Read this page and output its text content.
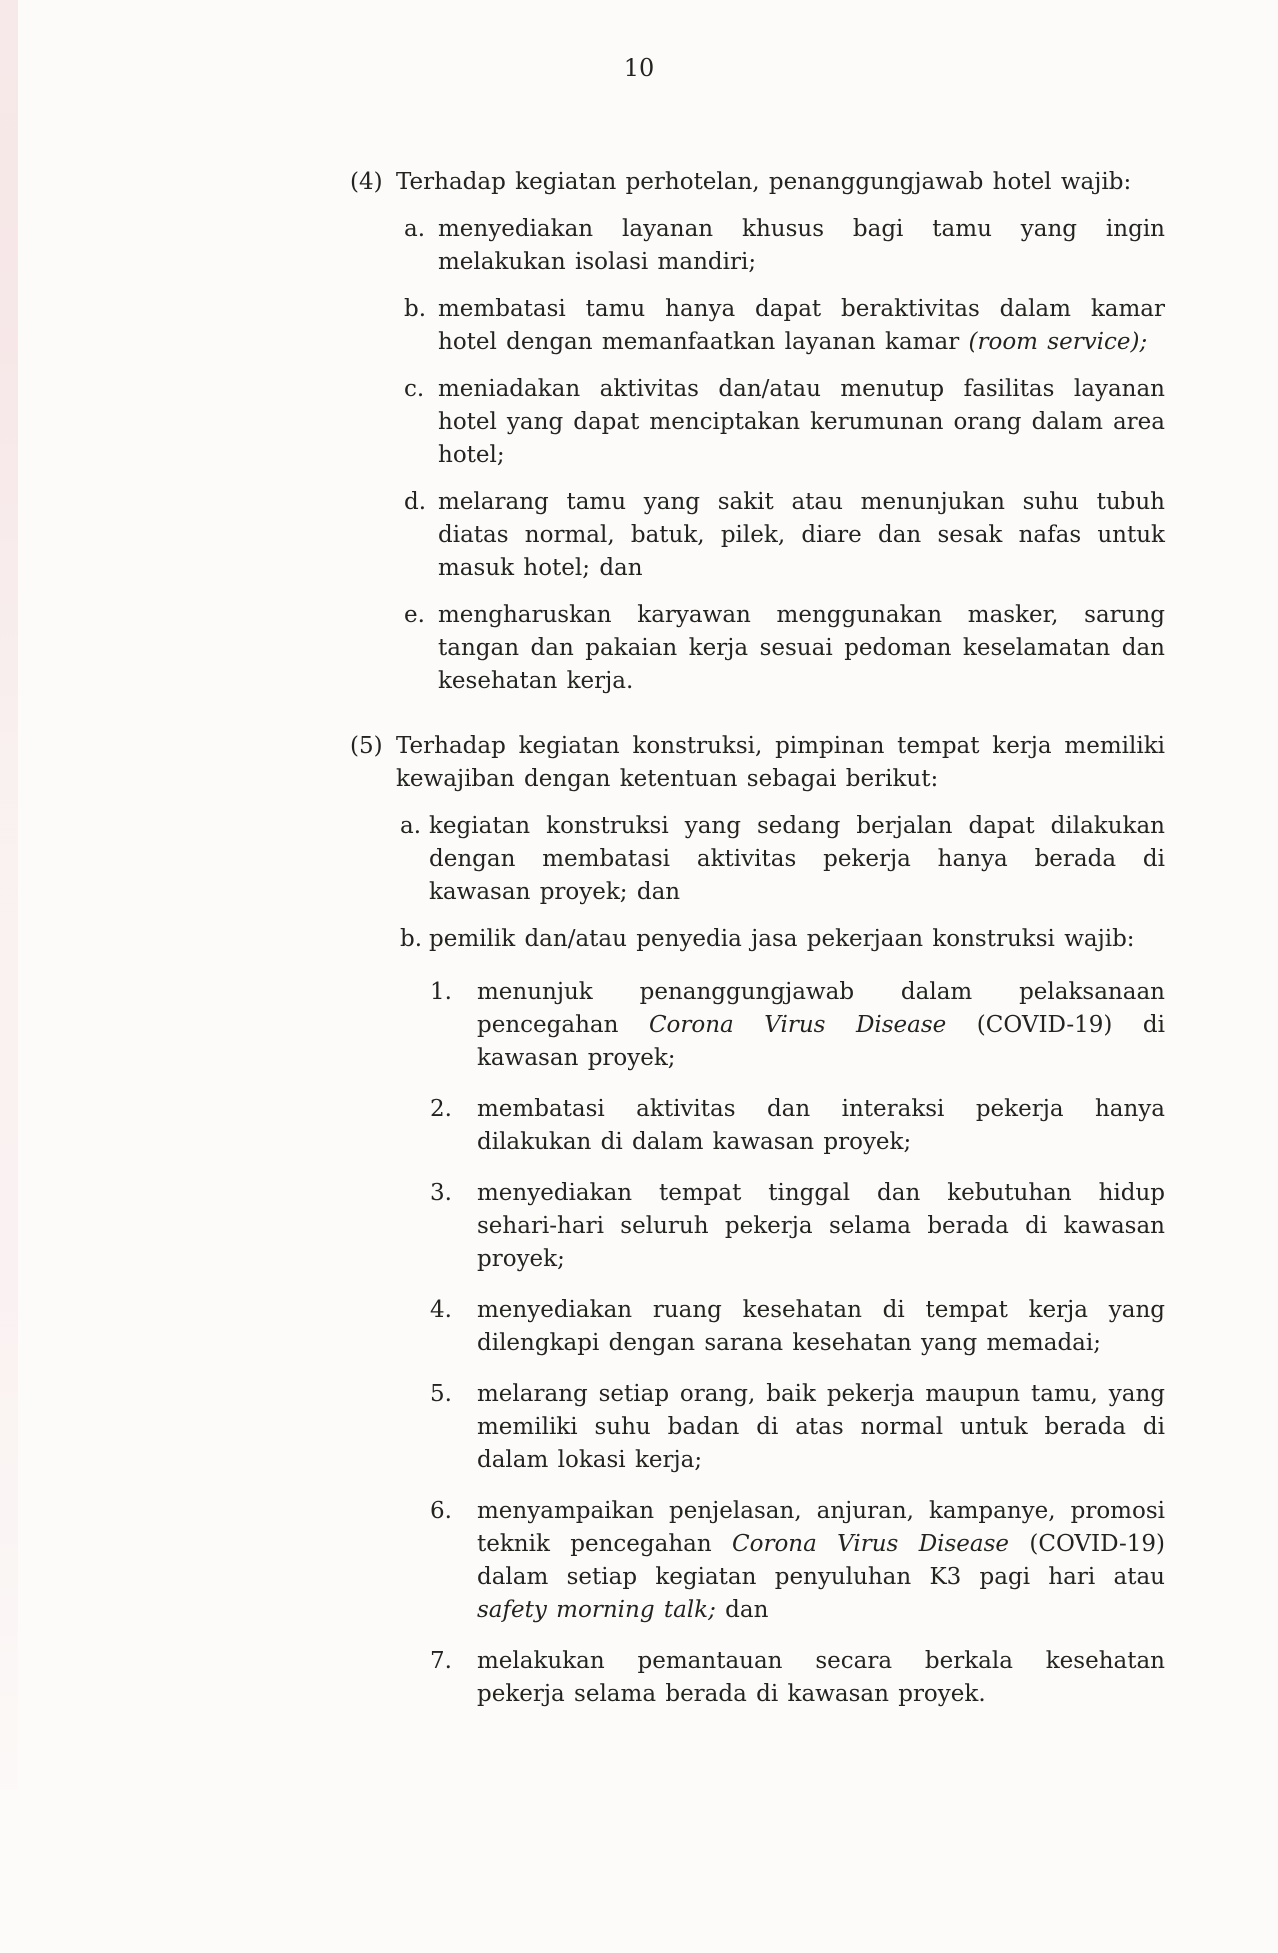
10
(4) Terhadap kegiatan perhotelan, penanggungjawab hotel wajib:
a. menyediakan layanan khusus bagi tamu yang ingin melakukan isolasi mandiri;
b. membatasi tamu hanya dapat beraktivitas dalam kamar hotel dengan memanfaatkan layanan kamar (room service);
c. meniadakan aktivitas dan/atau menutup fasilitas layanan hotel yang dapat menciptakan kerumunan orang dalam area hotel;
d. melarang tamu yang sakit atau menunjukan suhu tubuh diatas normal, batuk, pilek, diare dan sesak nafas untuk masuk hotel; dan
e. mengharuskan karyawan menggunakan masker, sarung tangan dan pakaian kerja sesuai pedoman keselamatan dan kesehatan kerja.
(5) Terhadap kegiatan konstruksi, pimpinan tempat kerja memiliki kewajiban dengan ketentuan sebagai berikut:
a. kegiatan konstruksi yang sedang berjalan dapat dilakukan dengan membatasi aktivitas pekerja hanya berada di kawasan proyek; dan
b. pemilik dan/atau penyedia jasa pekerjaan konstruksi wajib:
1. menunjuk penanggungjawab dalam pelaksanaan pencegahan Corona Virus Disease (COVID-19) di kawasan proyek;
2. membatasi aktivitas dan interaksi pekerja hanya dilakukan di dalam kawasan proyek;
3. menyediakan tempat tinggal dan kebutuhan hidup sehari-hari seluruh pekerja selama berada di kawasan proyek;
4. menyediakan ruang kesehatan di tempat kerja yang dilengkapi dengan sarana kesehatan yang memadai;
5. melarang setiap orang, baik pekerja maupun tamu, yang memiliki suhu badan di atas normal untuk berada di dalam lokasi kerja;
6. menyampaikan penjelasan, anjuran, kampanye, promosi teknik pencegahan Corona Virus Disease (COVID-19) dalam setiap kegiatan penyuluhan K3 pagi hari atau safety morning talk; dan
7. melakukan pemantauan secara berkala kesehatan pekerja selama berada di kawasan proyek.
